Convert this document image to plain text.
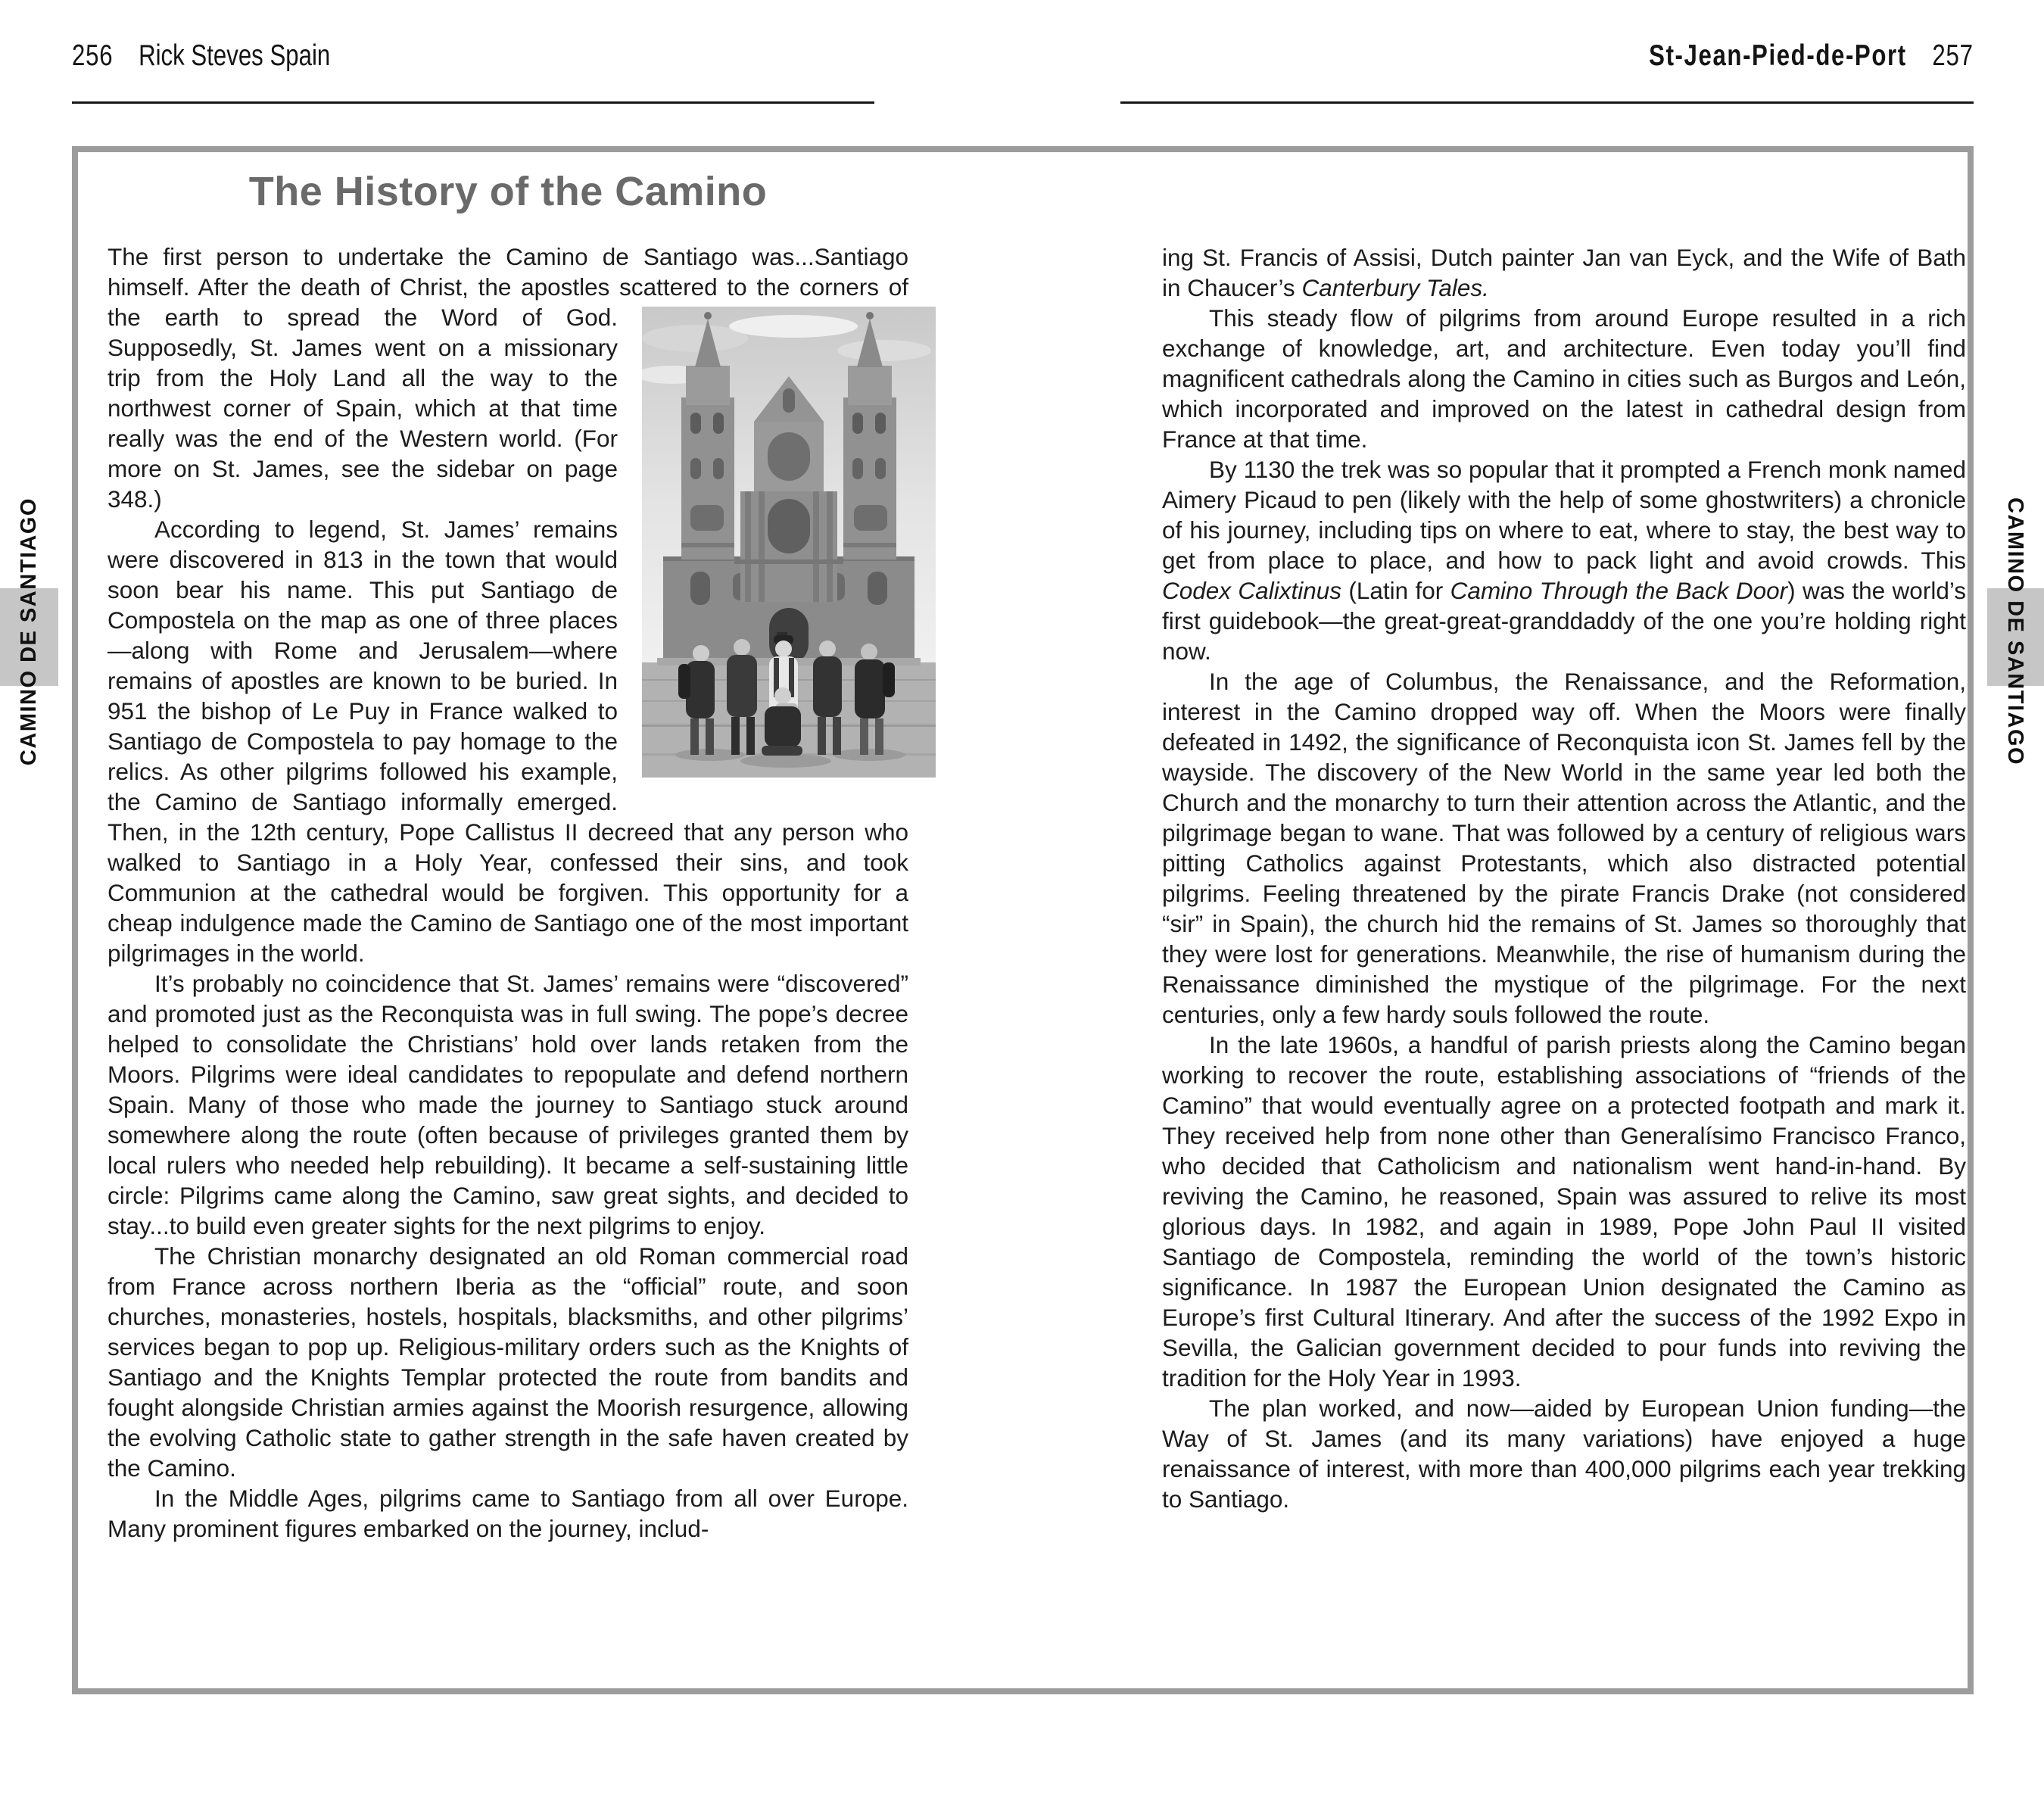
256 Rick Steves Spain	St-Jean-Pied-de-Port 257
The History of the Camino

The first person to undertake the Camino de Santiago was...Santiago himself. After the death of Christ, the apostles scattered to
the corners of the earth to spread the Word of God. Supposedly, St. James went on a missionary trip from the Holy Land all the way to the northwest corner of Spain, which at that time really was the end of the Western world. (For more on St. James, see the sidebar on page 348.)

According to legend, St. James’ remains were discovered in 813 in the town that would soon bear his name. This put Santiago de Compostela on the map as one of three places—along with Rome and Jerusalem—where remains of apostles are known to be buried. In 951 the bishop of Le Puy in France walked to Santiago de Compostela to pay homage to the relics. As other pilgrims followed his example, the Camino de Santiago informally emerged. Then, in the 12th century, Pope Callistus II decreed that any person who walked to Santiago in a Holy Year, confessed their sins, and took Communion at the cathedral would be forgiven. This opportunity for a cheap indulgence made the Camino de Santiago one of the most important pilgrimages in the world.

It’s probably no coincidence that St. James’ remains were “discovered” and promoted just as the Reconquista was in full swing. The pope’s decree helped to consolidate the Christians’ hold over lands retaken from the Moors. Pilgrims were ideal candidates to repopulate and defend northern Spain. Many of those who made the journey to Santiago stuck around somewhere along the route (often because of privileges granted them by local rulers who needed help rebuilding). It became a self-sustaining little circle: Pilgrims came along the Camino, saw great sights, and decided to stay...to build even greater sights for the next pilgrims to enjoy.

The Christian monarchy designated an old Roman commercial road from France across northern Iberia as the “official” route, and soon churches, monasteries, hostels, hospitals, blacksmiths, and other pilgrims’ services began to pop up. Religious-military orders such as the Knights of Santiago and the Knights Templar protected the route from bandits and fought alongside Christian armies against the Moorish resurgence, allowing the evolving Catholic state to gather strength in the safe haven created by the Camino.

In the Middle Ages, pilgrims came to Santiago from all over Europe. Many prominent figures embarked on the journey, includ-

ing St. Francis of Assisi, Dutch painter Jan van Eyck, and the Wife of Bath in Chaucer’s Canterbury Tales.

This steady flow of pilgrims from around Europe resulted in a rich exchange of knowledge, art, and architecture. Even today you’ll find magnificent cathedrals along the Camino in cities such as Burgos and León, which incorporated and improved on the latest in cathedral design from France at that time.

By 1130 the trek was so popular that it prompted a French monk named Aimery Picaud to pen (likely with the help of some ghostwriters) a chronicle of his journey, including tips on where to eat, where to stay, the best way to get from place to place, and how to pack light and avoid crowds. This Codex Calixtinus (Latin for Camino Through the Back Door) was the world’s first guidebook—the great-great-granddaddy of the one you’re holding right now.

In the age of Columbus, the Renaissance, and the Reformation, interest in the Camino dropped way off. When the Moors were finally defeated in 1492, the significance of Reconquista icon St. James fell by the wayside. The discovery of the New World in the same year led both the Church and the monarchy to turn their attention across the Atlantic, and the pilgrimage began to wane. That was followed by a century of religious wars pitting Catholics against Protestants, which also distracted potential pilgrims. Feeling threatened by the pirate Francis Drake (not considered “sir” in Spain), the church hid the remains of St. James so thoroughly that they were lost for generations. Meanwhile, the rise of humanism during the Renaissance diminished the mystique of the pilgrimage. For the next centuries, only a few hardy souls followed the route.

In the late 1960s, a handful of parish priests along the Camino began working to recover the route, establishing associations of “friends of the Camino” that would eventually agree on a protected footpath and mark it. They received help from none other than Generalísimo Francisco Franco, who decided that Catholicism and nationalism went hand-in-hand. By reviving the Camino, he reasoned, Spain was assured to relive its most glorious days. In 1982, and again in 1989, Pope John Paul II visited Santiago de Compostela, reminding the world of the town’s historic significance. In 1987 the European Union designated the Camino as Europe’s first Cultural Itinerary. And after the success of the 1992 Expo in Sevilla, the Galician government decided to pour funds into reviving the tradition for the Holy Year in 1993.

The plan worked, and now—aided by European Union funding—the Way of St. James (and its many variations) have enjoyed a huge renaissance of interest, with more than 400,000 pilgrims each year trekking to Santiago.

CAMINO DE SANTIAGO	CAMINO DE SANTIAGO
